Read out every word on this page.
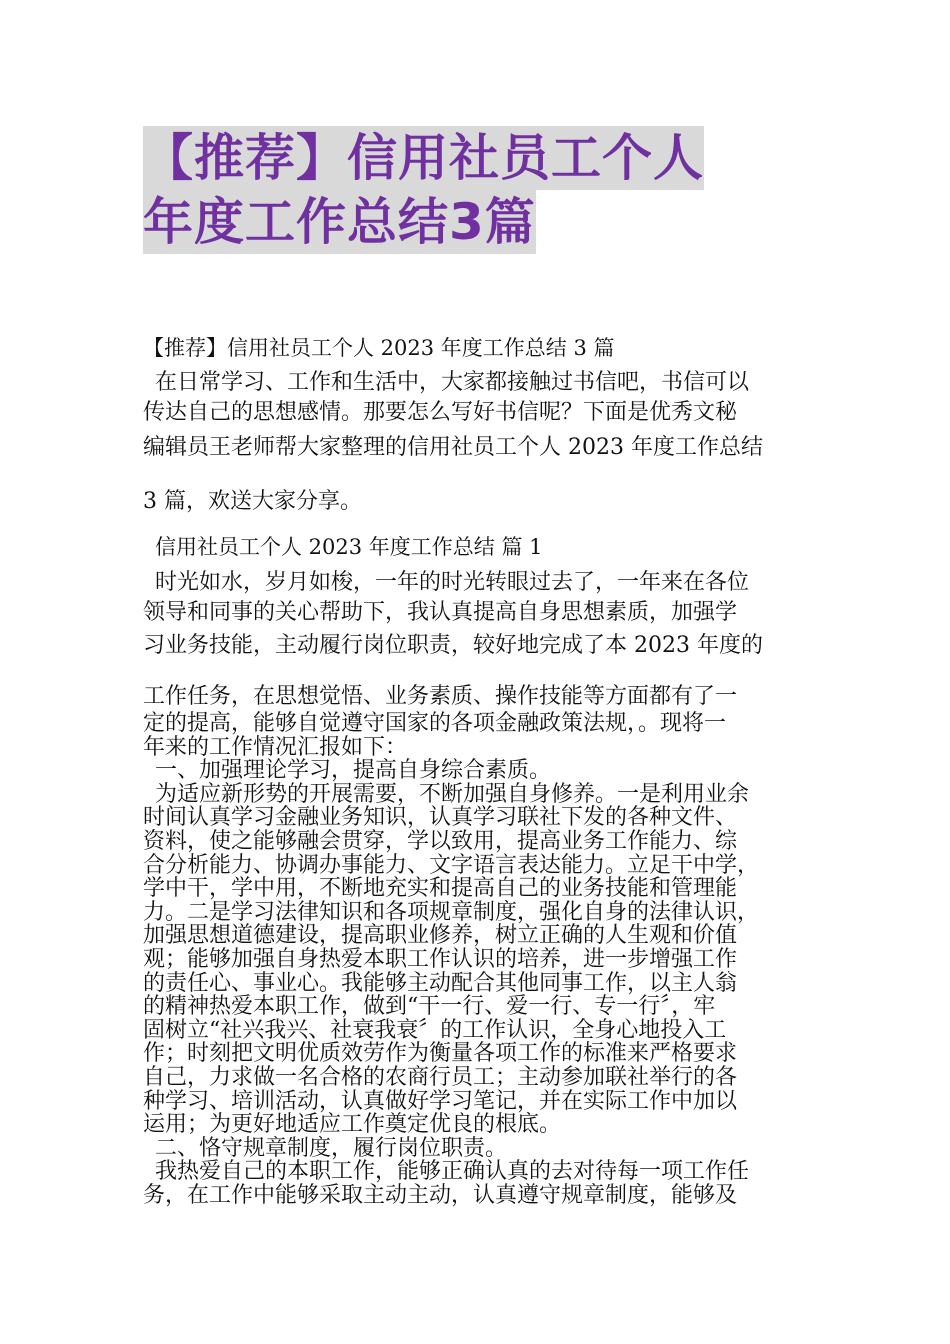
【推荐】信用社员工个人
年度工作总结3篇
【推荐】信用社员工个人 2023 年度工作总结 3 篇
在日常学习、工作和生活中，大家都接触过书信吧，书信可以
传达自己的思想感情。那要怎么写好书信呢？下面是优秀文秘
编辑员王老师帮大家整理的信用社员工个人 2023 年度工作总结
3 篇，欢送大家分享。
信用社员工个人 2023 年度工作总结 篇 1
时光如水，岁月如梭，一年的时光转眼过去了，一年来在各位
领导和同事的关心帮助下，我认真提高自身思想素质，加强学
习业务技能，主动履行岗位职责，较好地完成了本 2023 年度的
工作任务，在思想觉悟、业务素质、操作技能等方面都有了一
定的提高，能够自觉遵守国家的各项金融政策法规，。现将一
年来的工作情况汇报如下：
一、加强理论学习，提高自身综合素质。
为适应新形势的开展需要，不断加强自身修养。一是利用业余
时间认真学习金融业务知识，认真学习联社下发的各种文件、
资料，使之能够融会贯穿，学以致用，提高业务工作能力、综
合分析能力、协调办事能力、文字语言表达能力。立足干中学，
学中干，学中用，不断地充实和提高自己的业务技能和管理能
力。二是学习法律知识和各项规章制度，强化自身的法律认识，
加强思想道德建设，提高职业修养，树立正确的人生观和价值
观；能够加强自身热爱本职工作认识的培养，进一步增强工作
的责任心、事业心。我能够主动配合其他同事工作，以主人翁
的精神热爱本职工作，做到“干一行、爱一行、专一行〞，牢
固树立“社兴我兴、社衰我衰〞的工作认识，全身心地投入工
作；时刻把文明优质效劳作为衡量各项工作的标准来严格要求
自己，力求做一名合格的农商行员工；主动参加联社举行的各
种学习、培训活动，认真做好学习笔记，并在实际工作中加以
运用；为更好地适应工作奠定优良的根底。
二、恪守规章制度，履行岗位职责。
我热爱自己的本职工作，能够正确认真的去对待每一项工作任
务，在工作中能够采取主动主动，认真遵守规章制度，能够及
